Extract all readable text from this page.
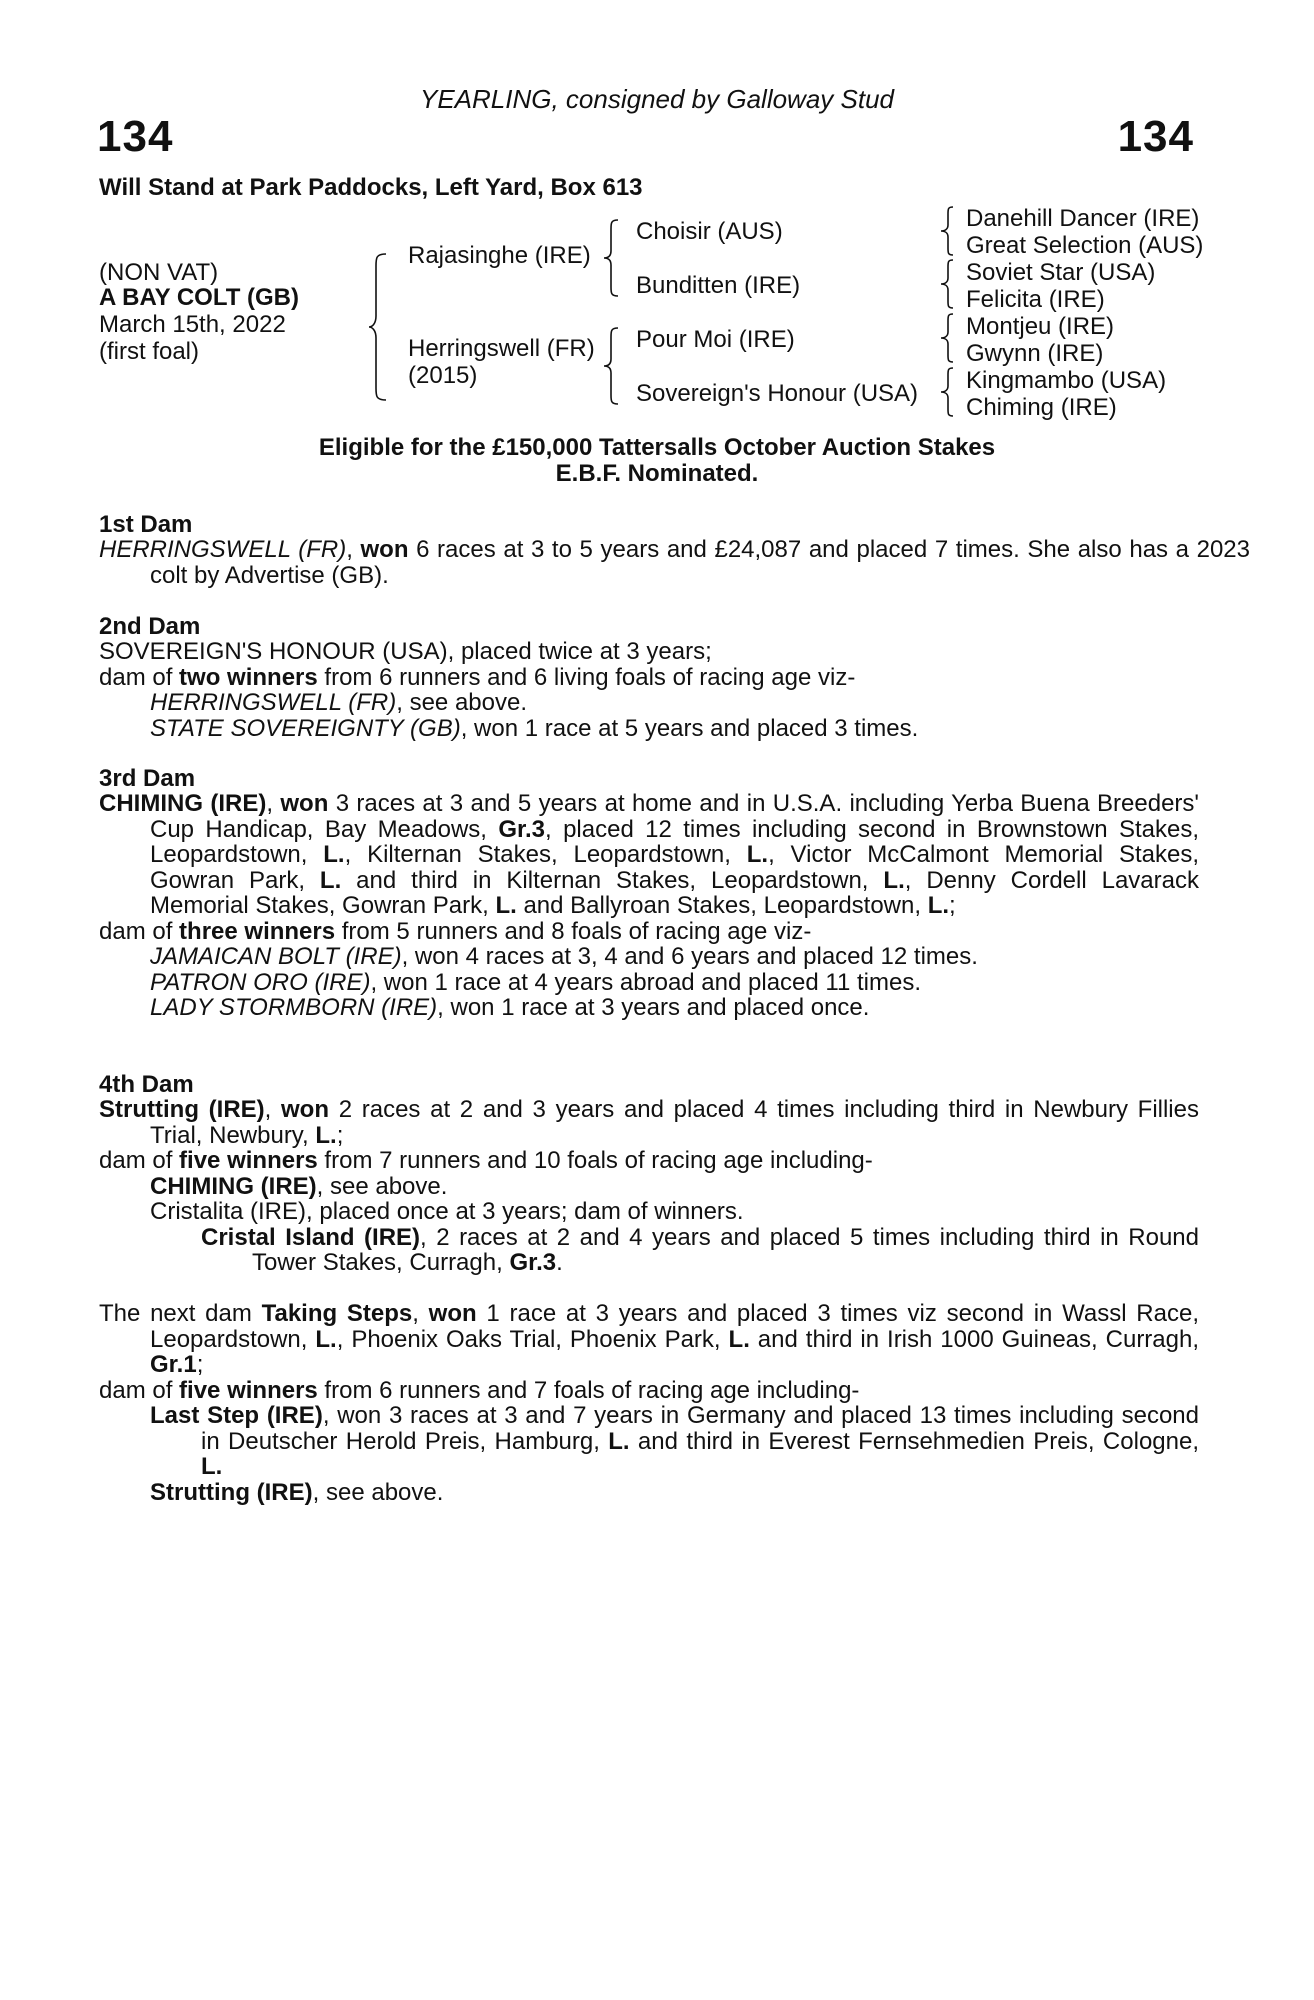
YEARLING, consigned by Galloway Stud
134	134
Will Stand at Park Paddocks, Left Yard, Box 613
(NON VAT)
A BAY COLT (GB)
March 15th, 2022
(first foal)
Rajasinghe (IRE)
Herringswell (FR)
(2015)
Choisir (AUS)
Bunditten (IRE)
Pour Moi (IRE)
Sovereign's Honour (USA)
Danehill Dancer (IRE)
Great Selection (AUS)
Soviet Star (USA)
Felicita (IRE)
Montjeu (IRE)
Gwynn (IRE)
Kingmambo (USA)
Chiming (IRE)
Eligible for the £150,000 Tattersalls October Auction Stakes
E.B.F. Nominated.
1st Dam
HERRINGSWELL (FR), won 6 races at 3 to 5 years and £24,087 and placed 7 times. She also has a 2023 colt by Advertise (GB).
2nd Dam
SOVEREIGN'S HONOUR (USA), placed twice at 3 years;
dam of two winners from 6 runners and 6 living foals of racing age viz-
HERRINGSWELL (FR), see above.
STATE SOVEREIGNTY (GB), won 1 race at 5 years and placed 3 times.
3rd Dam
CHIMING (IRE), won 3 races at 3 and 5 years at home and in U.S.A. including Yerba Buena Breeders' Cup Handicap, Bay Meadows, Gr.3, placed 12 times including second in Brownstown Stakes, Leopardstown, L., Kilternan Stakes, Leopardstown, L., Victor McCalmont Memorial Stakes, Gowran Park, L. and third in Kilternan Stakes, Leopardstown, L., Denny Cordell Lavarack Memorial Stakes, Gowran Park, L. and Ballyroan Stakes, Leopardstown, L.;
dam of three winners from 5 runners and 8 foals of racing age viz-
JAMAICAN BOLT (IRE), won 4 races at 3, 4 and 6 years and placed 12 times.
PATRON ORO (IRE), won 1 race at 4 years abroad and placed 11 times.
LADY STORMBORN (IRE), won 1 race at 3 years and placed once.
4th Dam
Strutting (IRE), won 2 races at 2 and 3 years and placed 4 times including third in Newbury Fillies Trial, Newbury, L.;
dam of five winners from 7 runners and 10 foals of racing age including-
CHIMING (IRE), see above.
Cristalita (IRE), placed once at 3 years; dam of winners.
Cristal Island (IRE), 2 races at 2 and 4 years and placed 5 times including third in Round Tower Stakes, Curragh, Gr.3.
The next dam Taking Steps, won 1 race at 3 years and placed 3 times viz second in Wassl Race, Leopardstown, L., Phoenix Oaks Trial, Phoenix Park, L. and third in Irish 1000 Guineas, Curragh, Gr.1;
dam of five winners from 6 runners and 7 foals of racing age including-
Last Step (IRE), won 3 races at 3 and 7 years in Germany and placed 13 times including second in Deutscher Herold Preis, Hamburg, L. and third in Everest Fernsehmedien Preis, Cologne, L.
Strutting (IRE), see above.
